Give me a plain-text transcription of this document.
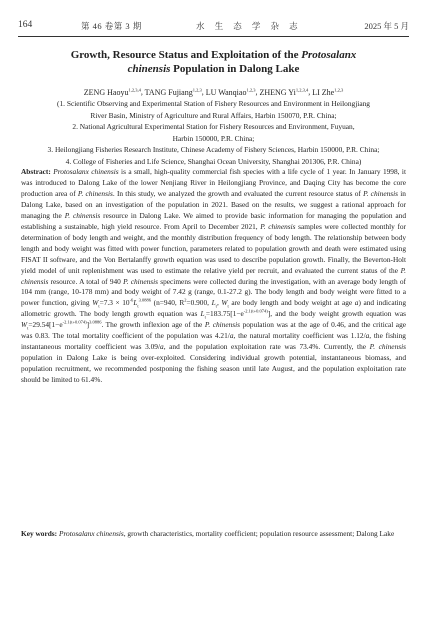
164	第 46 卷第 3 期	水 生 态 学 杂 志	2025 年 5 月
Growth, Resource Status and Exploitation of the Protosalanx
chinensis Population in Dalong Lake
ZENG Haoyu$^{1,2,3,4}$, TANG Fujiang$^{1,2,3}$, LU Wanqiao$^{1,2,3}$, ZHENG Yi$^{1,2,3,4}$, LI Zhe$^{1,2,3}$
(1. Scientific Observing and Experimental Station of Fishery Resources and Environment in Heilongjiang
River Basin, Ministry of Agriculture and Rural Affairs, Harbin 150070, P.R. China;
2. National Agricultural Experimental Station for Fishery Resources and Environment, Fuyuan,
Harbin 150000, P.R. China;
3. Heilongjiang Fisheries Research Institute, Chinese Academy of Fishery Sciences, Harbin 150000, P.R. China;
4. College of Fisheries and Life Science, Shanghai Ocean University, Shanghai 201306, P.R. China)

Abstract: Protosalanx chinensis is a small, high-quality commercial fish species with a life cycle of 1 year. In January 1998, it was introduced to Dalong Lake of the lower Nenjiang River in Heilongjiang Province, and Daqing City has become the core production area of P. chinensis. In this study, we analyzed the growth and evaluated the current resource status of P. chinensis in Dalong Lake, based on an investigation of the population in 2021. Based on the results, we suggest a rational approach for managing the P. chinensis resource in Dalong Lake. We aimed to provide basic information for managing the population and establishing a sustainable, high yield resource. From April to December 2021, P. chinensis samples were collected monthly for determination of body length and weight, and the monthly distribution frequency of body length. The relationship between body length and body weight was fitted with power function, parameters related to population growth and death were estimated using FISAT II software, and the Von Bertalanffy growth equation was used to describe population growth. Finally, the Beverton-Holt yield model of unit replenishment was used to estimate the relative yield per recruit, and evaluated the current status of the P. chinensis resource. A total of 940 P. chinensis specimens were collected during the investigation, with an average body length of 104 mm (range, 10-178 mm) and body weight of 7.42 g (range, 0.1-27.2 g). The body length and body weight were fitted to a power function, giving $W_t=7.3 \times 10^{-6}L_t^{3.0886}$ (n=940, $R^2=0.900$, $L_t$, $W_t$ are body length and body weight at age a) and indicating allometric growth. The body length growth equation was $L_t=183.75[1-e^{-2.1(t+0.074)}]$, and the body weight growth equation was $W_t=29.54[1-e^{-2.1(t+0.074)}]^{3.0886}$. The growth inflexion age of the P. chinensis population was at the age of 0.46, and the critical age was 0.83. The total mortality coefficient of the population was 4.21/a, the natural mortality coefficient was 1.12/a, the fishing instantaneous mortality coefficient was 3.09/a, and the population exploitation rate was 73.4%. Currently, the P. chinensis population in Dalong Lake is being over-exploited. Considering individual growth potential, instantaneous biomass, and population recruitment, we recommended postponing the fishing season until late August, and the population exploitation rate should be limited to 61.4%.

Key words: Protosalanx chinensis, growth characteristics, mortality coefficient; population resource assessment; Dalong Lake
